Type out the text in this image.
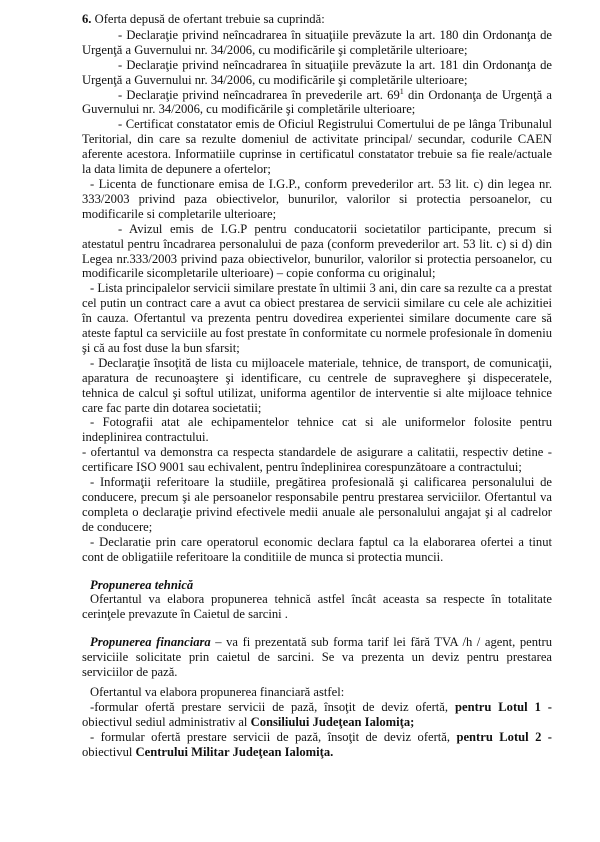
6. Oferta depusă de ofertant trebuie sa cuprindă:

- Declaraţie privind neîncadrarea în situaţiile prevăzute la art. 180 din Ordonanţa de Urgenţă a Guvernului nr. 34/2006, cu modificările şi completările ulterioare;

- Declaraţie privind neîncadrarea în situaţiile prevăzute la art. 181 din Ordonanţa de Urgenţă a Guvernului nr. 34/2006, cu modificările şi completările ulterioare;

- Declaraţie privind neîncadrarea în prevederile art. $69^1$ din Ordonanţa de Urgenţă a Guvernului nr. 34/2006, cu modificările şi completările ulterioare;

- Certificat constatator emis de Oficiul Registrului Comertului de pe lânga Tribunalul Teritorial, din care sa rezulte domeniul de activitate principal/ secundar, codurile CAEN aferente acestora. Informatiile cuprinse in certificatul constatator trebuie sa fie reale/actuale la data limita de depunere a ofertelor;

- Licenta de functionare emisa de I.G.P., conform prevederilor art. 53 lit. c) din legea nr. 333/2003 privind paza obiectivelor, bunurilor, valorilor si protectia persoanelor, cu modificarile si completarile ulterioare;

- Avizul emis de I.G.P pentru conducatorii societatilor participante, precum si atestatul pentru încadrarea personalului de paza (conform prevederilor art. 53 lit. c) si d) din Legea nr.333/2003 privind paza obiectivelor, bunurilor, valorilor si protectia persoanelor, cu modificarile sicompletarile ulterioare) – copie conforma cu originalul;

- Lista principalelor servicii similare prestate în ultimii 3 ani, din care sa rezulte ca a prestat cel putin un contract care a avut ca obiect prestarea de servicii similare cu cele ale achizitiei în cauza. Ofertantul va prezenta pentru dovedirea experientei similare documente care să ateste faptul ca serviciile au fost prestate în conformitate cu normele profesionale în domeniu şi că au fost duse la bun sfarsit;

- Declaraţie însoţită de lista cu mijloacele materiale, tehnice, de transport, de comunicaţii, aparatura de recunoaştere şi identificare, cu centrele de supraveghere şi dispeceratele, tehnica de calcul şi softul utilizat, uniforma agentilor de interventie si alte mijloace tehnice care fac parte din dotarea societatii;

- Fotografii atat ale echipamentelor tehnice cat si ale uniformelor folosite pentru indeplinirea contractului.

- ofertantul va demonstra ca respecta standardele de asigurare a calitatii, respectiv detine -certificare ISO 9001 sau echivalent, pentru îndeplinirea corespunzătoare a contractului;

- Informaţii referitoare la studiile, pregătirea profesională şi calificarea personalului de conducere, precum şi ale persoanelor responsabile pentru prestarea serviciilor. Ofertantul va completa o declaraţie privind efectivele medii anuale ale personalului angajat şi al cadrelor de conducere;

- Declaratie prin care operatorul economic declara faptul ca la elaborarea ofertei a tinut cont de obligatiile referitoare la conditiile de munca si protectia muncii.

Propunerea tehnică

Ofertantul va elabora propunerea tehnică astfel încât aceasta sa respecte în totalitate cerinţele prevazute în Caietul de sarcini .

Propunerea financiara – va fi prezentată sub forma tarif lei fără TVA /h / agent, pentru serviciile solicitate prin caietul de sarcini. Se va prezenta un deviz pentru prestarea serviciilor de pază.

Ofertantul va elabora propunerea financiară astfel:

-formular ofertă prestare servicii de pază, însoţit de deviz ofertă, pentru Lotul 1 - obiectivul sediul administrativ al Consiliului Judeţean Ialomiţa;

- formular ofertă prestare servicii de pază, însoţit de deviz ofertă, pentru Lotul 2 - obiectivul Centrului Militar Judeţean Ialomiţa.
